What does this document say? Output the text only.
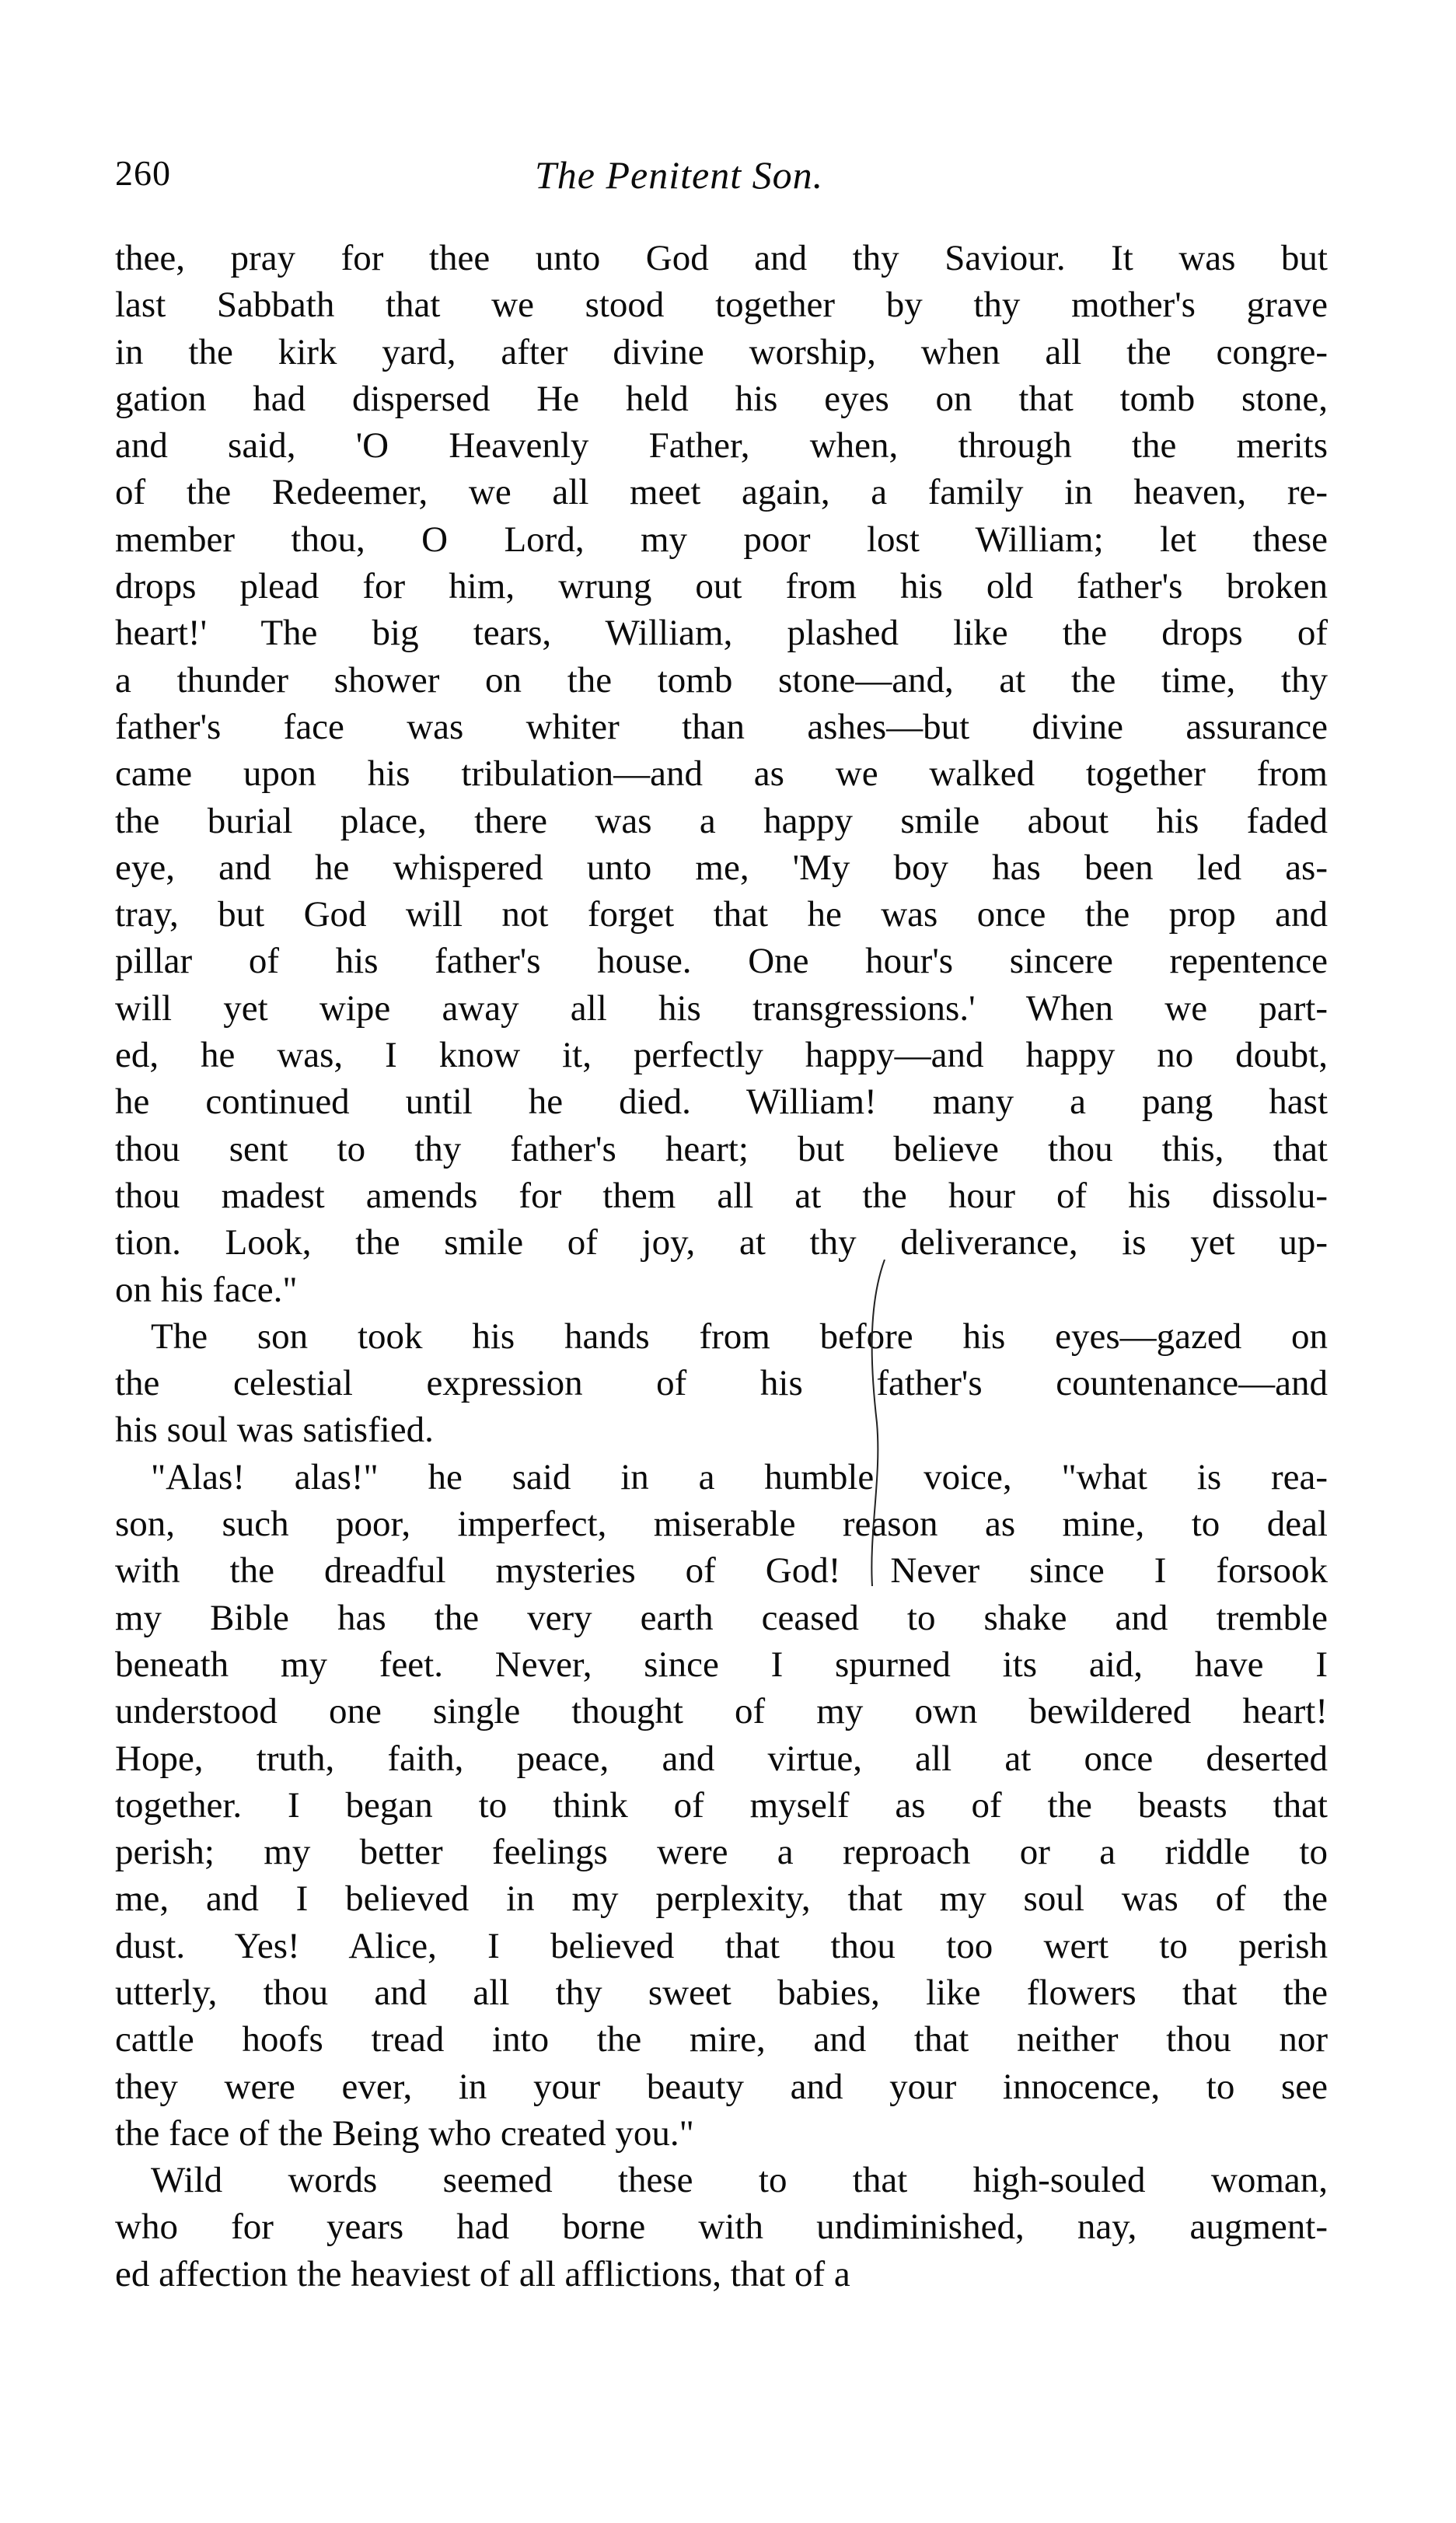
260	The Penitent Son.
thee, pray for thee unto God and thy Saviour. It was but
last Sabbath that we stood together by thy mother's grave
in the kirk yard, after divine worship, when all the congre-
gation had dispersed He held his eyes on that tomb stone,
and said, 'O Heavenly Father, when, through the merits
of the Redeemer, we all meet again, a family in heaven, re-
member thou, O Lord, my poor lost William; let these
drops plead for him, wrung out from his old father's broken
heart!' The big tears, William, plashed like the drops of
a thunder shower on the tomb stone—and, at the time, thy
father's face was whiter than ashes—but divine assurance
came upon his tribulation—and as we walked together from
the burial place, there was a happy smile about his faded
eye, and he whispered unto me, 'My boy has been led as-
tray, but God will not forget that he was once the prop and
pillar of his father's house. One hour's sincere repentence
will yet wipe away all his transgressions.' When we part-
ed, he was, I know it, perfectly happy—and happy no doubt,
he continued until he died. William! many a pang hast
thou sent to thy father's heart; but believe thou this, that
thou madest amends for them all at the hour of his dissolu-
tion. Look, the smile of joy, at thy deliverance, is yet up-
on his face."
The son took his hands from before his eyes—gazed on
the celestial expression of his father's countenance—and
his soul was satisfied.
"Alas! alas!" he said in a humble voice, "what is rea-
son, such poor, imperfect, miserable reason as mine, to deal
with the dreadful mysteries of God! Never since I forsook
my Bible has the very earth ceased to shake and tremble
beneath my feet. Never, since I spurned its aid, have I
understood one single thought of my own bewildered heart!
Hope, truth, faith, peace, and virtue, all at once deserted
together. I began to think of myself as of the beasts that
perish; my better feelings were a reproach or a riddle to
me, and I believed in my perplexity, that my soul was of the
dust. Yes! Alice, I believed that thou too wert to perish
utterly, thou and all thy sweet babies, like flowers that the
cattle hoofs tread into the mire, and that neither thou nor
they were ever, in your beauty and your innocence, to see
the face of the Being who created you."
Wild words seemed these to that high-souled woman,
who for years had borne with undiminished, nay, augment-
ed affection the heaviest of all afflictions, that of a
